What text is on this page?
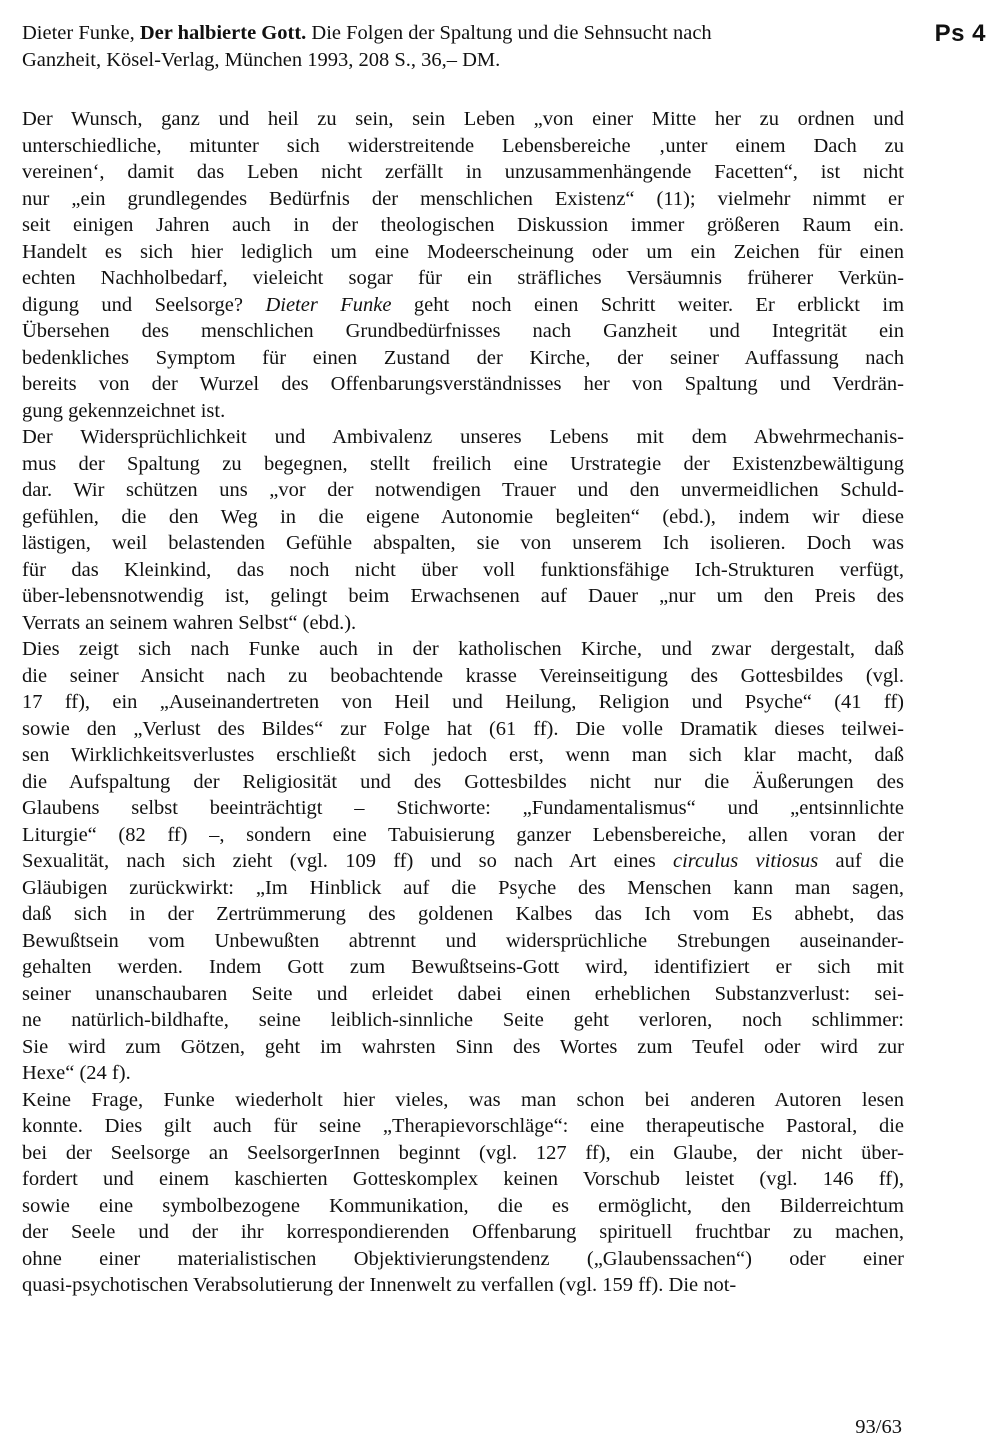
Ps 4
Dieter Funke, Der halbierte Gott. Die Folgen der Spaltung und die Sehnsucht nach
Ganzheit, Kösel-Verlag, München 1993, 208 S., 36,– DM.

Der Wunsch, ganz und heil zu sein, sein Leben „von einer Mitte her zu ordnen und
unterschiedliche, mitunter sich widerstreitende Lebensbereiche ‚unter einem Dach zu
vereinen‘, damit das Leben nicht zerfällt in unzusammenhängende Facetten“, ist nicht
nur „ein grundlegendes Bedürfnis der menschlichen Existenz“ (11); vielmehr nimmt er
seit einigen Jahren auch in der theologischen Diskussion immer größeren Raum ein.
Handelt es sich hier lediglich um eine Modeerscheinung oder um ein Zeichen für einen
echten Nachholbedarf, vieleicht sogar für ein sträfliches Versäumnis früherer Verkün-
digung und Seelsorge? Dieter Funke geht noch einen Schritt weiter. Er erblickt im
Übersehen des menschlichen Grundbedürfnisses nach Ganzheit und Integrität ein
bedenkliches Symptom für einen Zustand der Kirche, der seiner Auffassung nach
bereits von der Wurzel des Offenbarungsverständnisses her von Spaltung und Verdrän-
gung gekennzeichnet ist.

Der Widersprüchlichkeit und Ambivalenz unseres Lebens mit dem Abwehrmechanis-
mus der Spaltung zu begegnen, stellt freilich eine Urstrategie der Existenzbewältigung
dar. Wir schützen uns „vor der notwendigen Trauer und den unvermeidlichen Schuld-
gefühlen, die den Weg in die eigene Autonomie begleiten“ (ebd.), indem wir diese
lästigen, weil belastenden Gefühle abspalten, sie von unserem Ich isolieren. Doch was
für das Kleinkind, das noch nicht über voll funktionsfähige Ich-Strukturen verfügt,
über-lebensnotwendig ist, gelingt beim Erwachsenen auf Dauer „nur um den Preis des
Verrats an seinem wahren Selbst“ (ebd.).

Dies zeigt sich nach Funke auch in der katholischen Kirche, und zwar dergestalt, daß
die seiner Ansicht nach zu beobachtende krasse Vereinseitigung des Gottesbildes (vgl.
17 ff), ein „Auseinandertreten von Heil und Heilung, Religion und Psyche“ (41 ff)
sowie den „Verlust des Bildes“ zur Folge hat (61 ff). Die volle Dramatik dieses teilwei-
sen Wirklichkeitsverlustes erschließt sich jedoch erst, wenn man sich klar macht, daß
die Aufspaltung der Religiosität und des Gottesbildes nicht nur die Äußerungen des
Glaubens selbst beeinträchtigt – Stichworte: „Fundamentalismus“ und „entsinnlichte
Liturgie“ (82 ff) –, sondern eine Tabuisierung ganzer Lebensbereiche, allen voran der
Sexualität, nach sich zieht (vgl. 109 ff) und so nach Art eines circulus vitiosus auf die
Gläubigen zurückwirkt: „Im Hinblick auf die Psyche des Menschen kann man sagen,
daß sich in der Zertrümmerung des goldenen Kalbes das Ich vom Es abhebt, das
Bewußtsein vom Unbewußten abtrennt und widersprüchliche Strebungen auseinander-
gehalten werden. Indem Gott zum Bewußtseins-Gott wird, identifiziert er sich mit
seiner unanschaubaren Seite und erleidet dabei einen erheblichen Substanzverlust: sei-
ne natürlich-bildhafte, seine leiblich-sinnliche Seite geht verloren, noch schlimmer:
Sie wird zum Götzen, geht im wahrsten Sinn des Wortes zum Teufel oder wird zur
Hexe“ (24 f).

Keine Frage, Funke wiederholt hier vieles, was man schon bei anderen Autoren lesen
konnte. Dies gilt auch für seine „Therapievorschläge“: eine therapeutische Pastoral, die
bei der Seelsorge an SeelsorgerInnen beginnt (vgl. 127 ff), ein Glaube, der nicht über-
fordert und einem kaschierten Gotteskomplex keinen Vorschub leistet (vgl. 146 ff),
sowie eine symbolbezogene Kommunikation, die es ermöglicht, den Bilderreichtum
der Seele und der ihr korrespondierenden Offenbarung spirituell fruchtbar zu machen,
ohne einer materialistischen Objektivierungstendenz („Glaubenssachen“) oder einer
quasi-psychotischen Verabsolutierung der Innenwelt zu verfallen (vgl. 159 ff). Die not-

93/63
